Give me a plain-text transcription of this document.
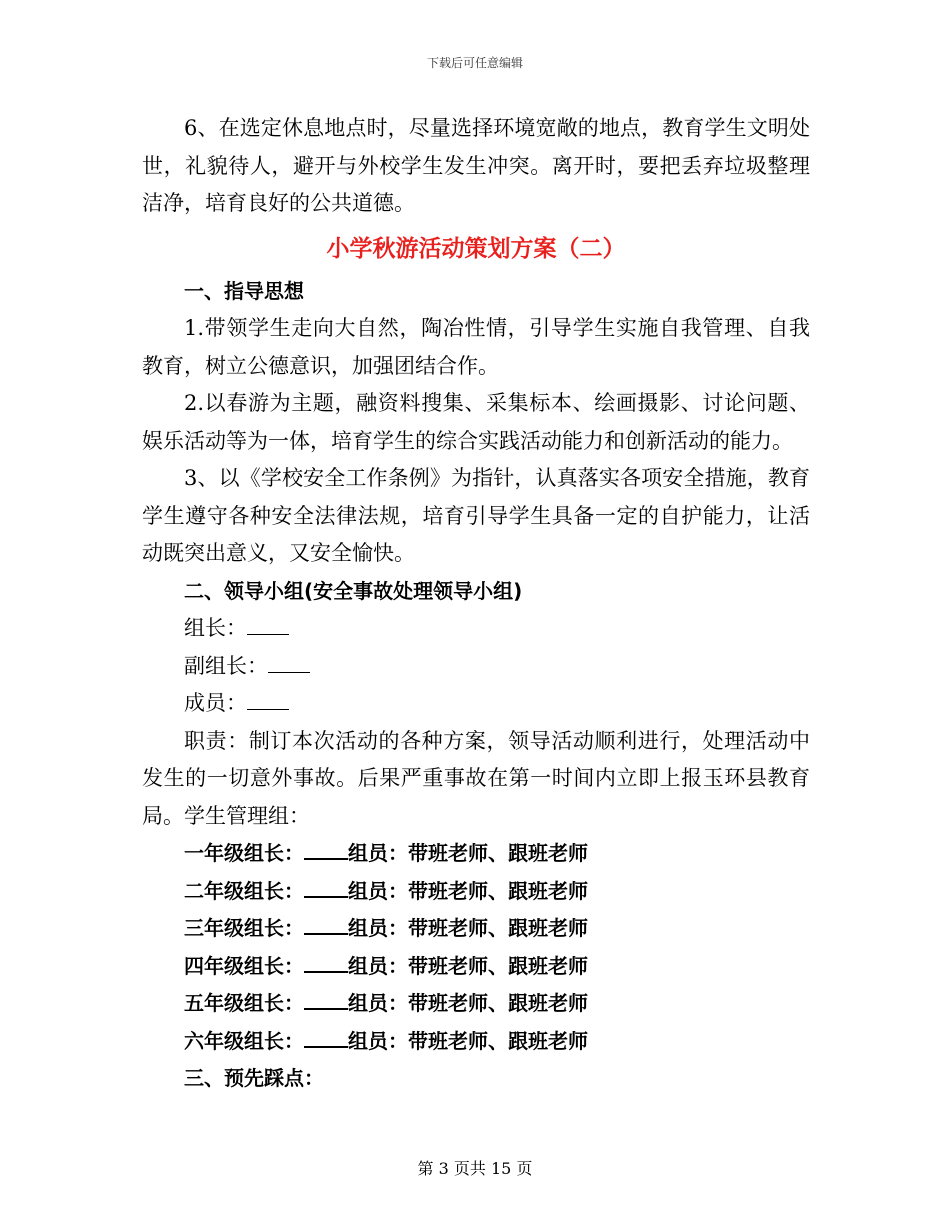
下载后可任意编辑

6、在选定休息地点时，尽量选择环境宽敞的地点，教育学生文明处世，礼貌待人，避开与外校学生发生冲突。离开时，要把丢弃垃圾整理洁净，培育良好的公共道德。

小学秋游活动策划方案（二）

一、指导思想

1.带领学生走向大自然，陶冶性情，引导学生实施自我管理、自我教育，树立公德意识，加强团结合作。

2.以春游为主题，融资料搜集、采集标本、绘画摄影、讨论问题、娱乐活动等为一体，培育学生的综合实践活动能力和创新活动的能力。

3、以《学校安全工作条例》为指针，认真落实各项安全措施，教育学生遵守各种安全法律法规，培育引导学生具备一定的自护能力，让活动既突出意义，又安全愉快。

二、领导小组(安全事故处理领导小组)

组长：

副组长：

成员：

职责：制订本次活动的各种方案，领导活动顺利进行，处理活动中发生的一切意外事故。后果严重事故在第一时间内立即上报玉环县教育局。学生管理组：

一年级组长： 组员：带班老师、跟班老师

二年级组长： 组员：带班老师、跟班老师

三年级组长： 组员：带班老师、跟班老师

四年级组长： 组员：带班老师、跟班老师

五年级组长： 组员：带班老师、跟班老师

六年级组长： 组员：带班老师、跟班老师

三、预先踩点：

第 3 页共 15 页
